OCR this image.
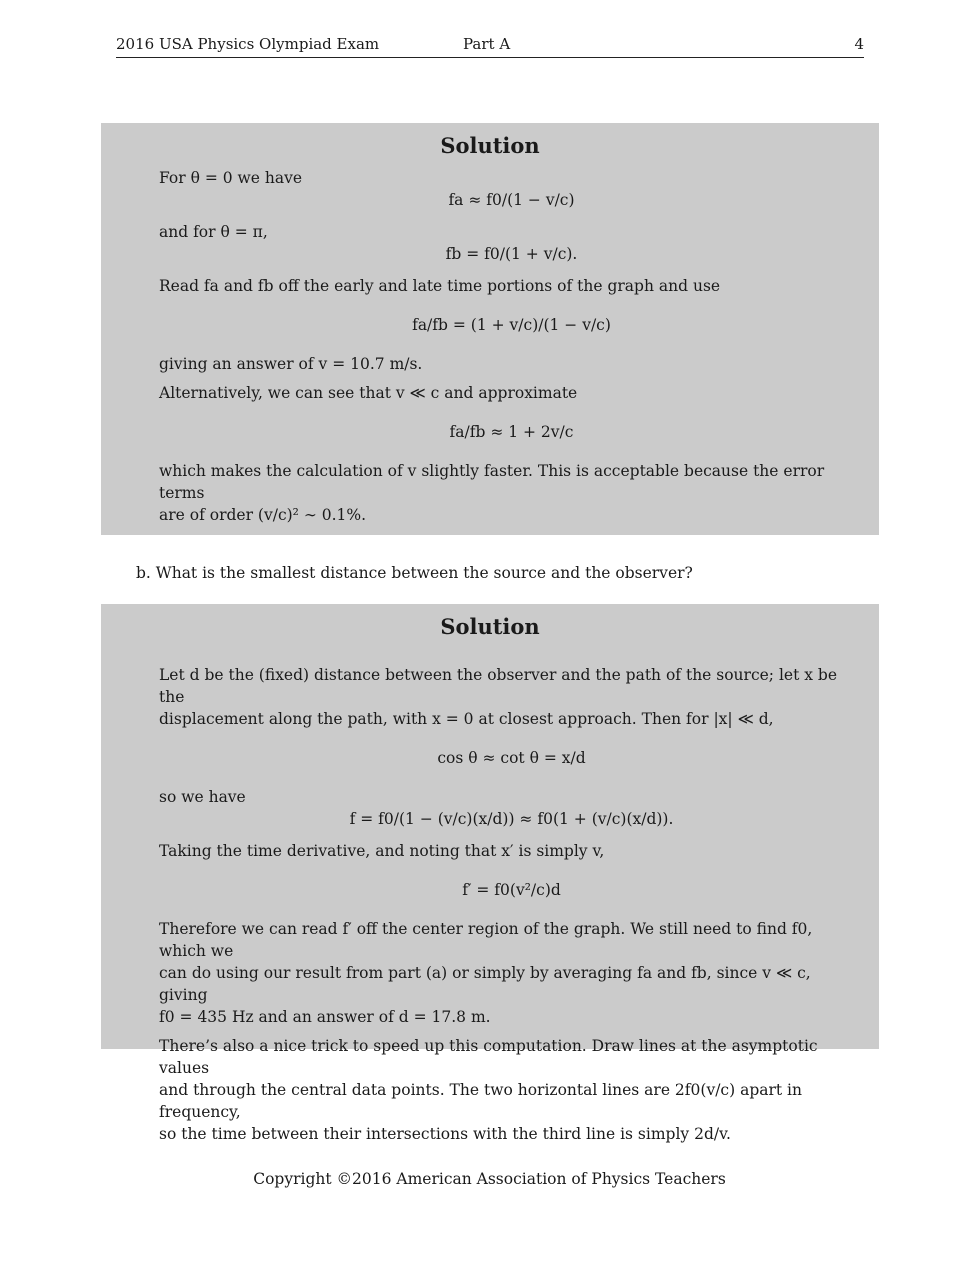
2016 USA Physics Olympiad Exam	Part A	4
Solution

For θ = 0 we have

fa ≈ f0/(1 − v/c)

and for θ = π,

fb = f0/(1 + v/c).

Read fa and fb off the early and late time portions of the graph and use

fa/fb = (1 + v/c)/(1 − v/c)

giving an answer of v = 10.7 m/s.

Alternatively, we can see that v ≪ c and approximate

fa/fb ≈ 1 + 2v/c

which makes the calculation of v slightly faster. This is acceptable because the error terms

are of order (v/c)² ∼ 0.1%.

b. What is the smallest distance between the source and the observer?
Solution

Let d be the (fixed) distance between the observer and the path of the source; let x be the

displacement along the path, with x = 0 at closest approach. Then for |x| ≪ d,

cos θ ≈ cot θ = x/d

so we have

f = f0/(1 − (v/c)(x/d)) ≈ f0(1 + (v/c)(x/d)).

Taking the time derivative, and noting that x′ is simply v,

f′ = f0(v²/c)d

Therefore we can read f′ off the center region of the graph. We still need to find f0, which we

can do using our result from part (a) or simply by averaging fa and fb, since v ≪ c, giving

f0 = 435 Hz and an answer of d = 17.8 m.

There’s also a nice trick to speed up this computation. Draw lines at the asymptotic values

and through the central data points. The two horizontal lines are 2f0(v/c) apart in frequency,

so the time between their intersections with the third line is simply 2d/v.

Copyright ©2016 American Association of Physics Teachers
